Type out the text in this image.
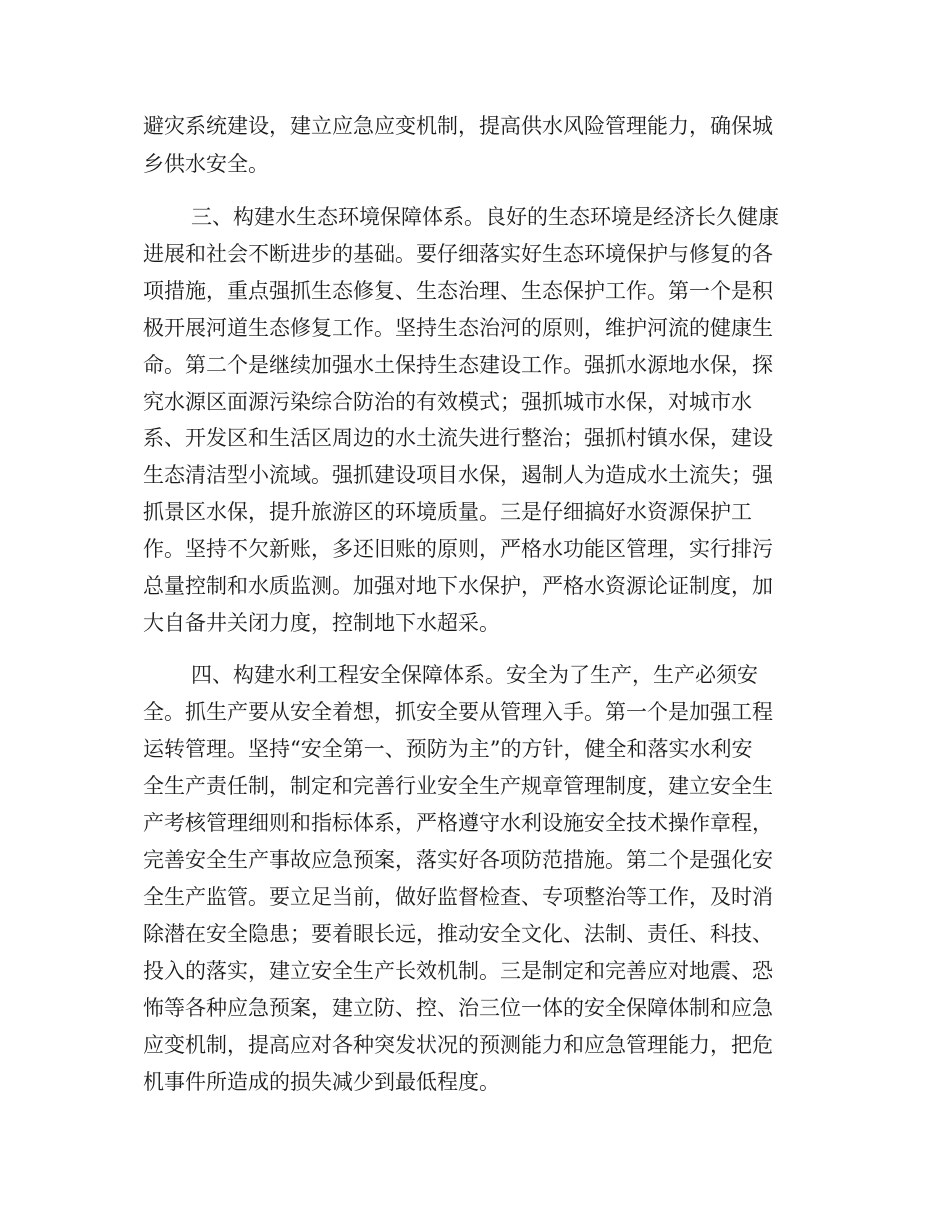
避灾系统建设，建立应急应变机制，提高供水风险管理能力，确保城
乡供水安全。
三、构建水生态环境保障体系。良好的生态环境是经济长久健康
进展和社会不断进步的基础。要仔细落实好生态环境保护与修复的各
项措施，重点强抓生态修复、生态治理、生态保护工作。第一个是积
极开展河道生态修复工作。坚持生态治河的原则，维护河流的健康生
命。第二个是继续加强水土保持生态建设工作。强抓水源地水保，探
究水源区面源污染综合防治的有效模式；强抓城市水保，对城市水
系、开发区和生活区周边的水土流失进行整治；强抓村镇水保，建设
生态清洁型小流域。强抓建设项目水保，遏制人为造成水土流失；强
抓景区水保，提升旅游区的环境质量。三是仔细搞好水资源保护工
作。坚持不欠新账，多还旧账的原则，严格水功能区管理，实行排污
总量控制和水质监测。加强对地下水保护，严格水资源论证制度，加
大自备井关闭力度，控制地下水超采。
四、构建水利工程安全保障体系。安全为了生产，生产必须安
全。抓生产要从安全着想，抓安全要从管理入手。第一个是加强工程
运转管理。坚持“安全第一、预防为主”的方针，健全和落实水利安
全生产责任制，制定和完善行业安全生产规章管理制度，建立安全生
产考核管理细则和指标体系，严格遵守水利设施安全技术操作章程，
完善安全生产事故应急预案，落实好各项防范措施。第二个是强化安
全生产监管。要立足当前，做好监督检查、专项整治等工作，及时消
除潜在安全隐患；要着眼长远，推动安全文化、法制、责任、科技、
投入的落实，建立安全生产长效机制。三是制定和完善应对地震、恐
怖等各种应急预案，建立防、控、治三位一体的安全保障体制和应急
应变机制，提高应对各种突发状况的预测能力和应急管理能力，把危
机事件所造成的损失减少到最低程度。
